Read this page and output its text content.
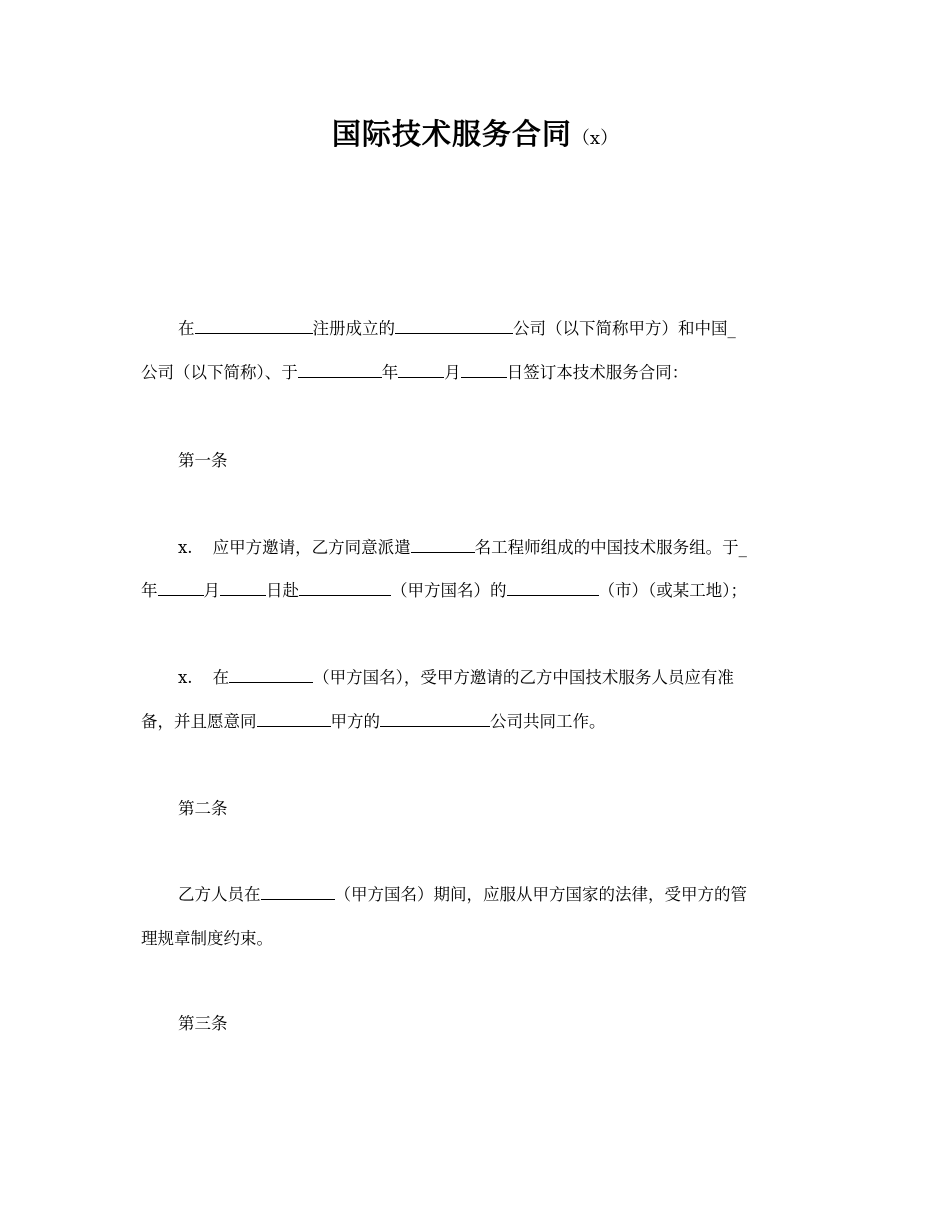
国际技术服务合同（x）
在	注册成立的	公司（以下简称甲方）和中国_
公司（以下简称）、于	年	月	日签订本技术服务合同：
第一条
x. 应甲方邀请，乙方同意派遣	名工程师组成的中国技术服务组。于_
年	月	日赴	（甲方国名）的	（市）（或某工地）；
x. 在	（甲方国名），受甲方邀请的乙方中国技术服务人员应有准
备，并且愿意同	甲方的	公司共同工作。
第二条
乙方人员在	（甲方国名）期间，应服从甲方国家的法律，受甲方的管
理规章制度约束。
第三条
